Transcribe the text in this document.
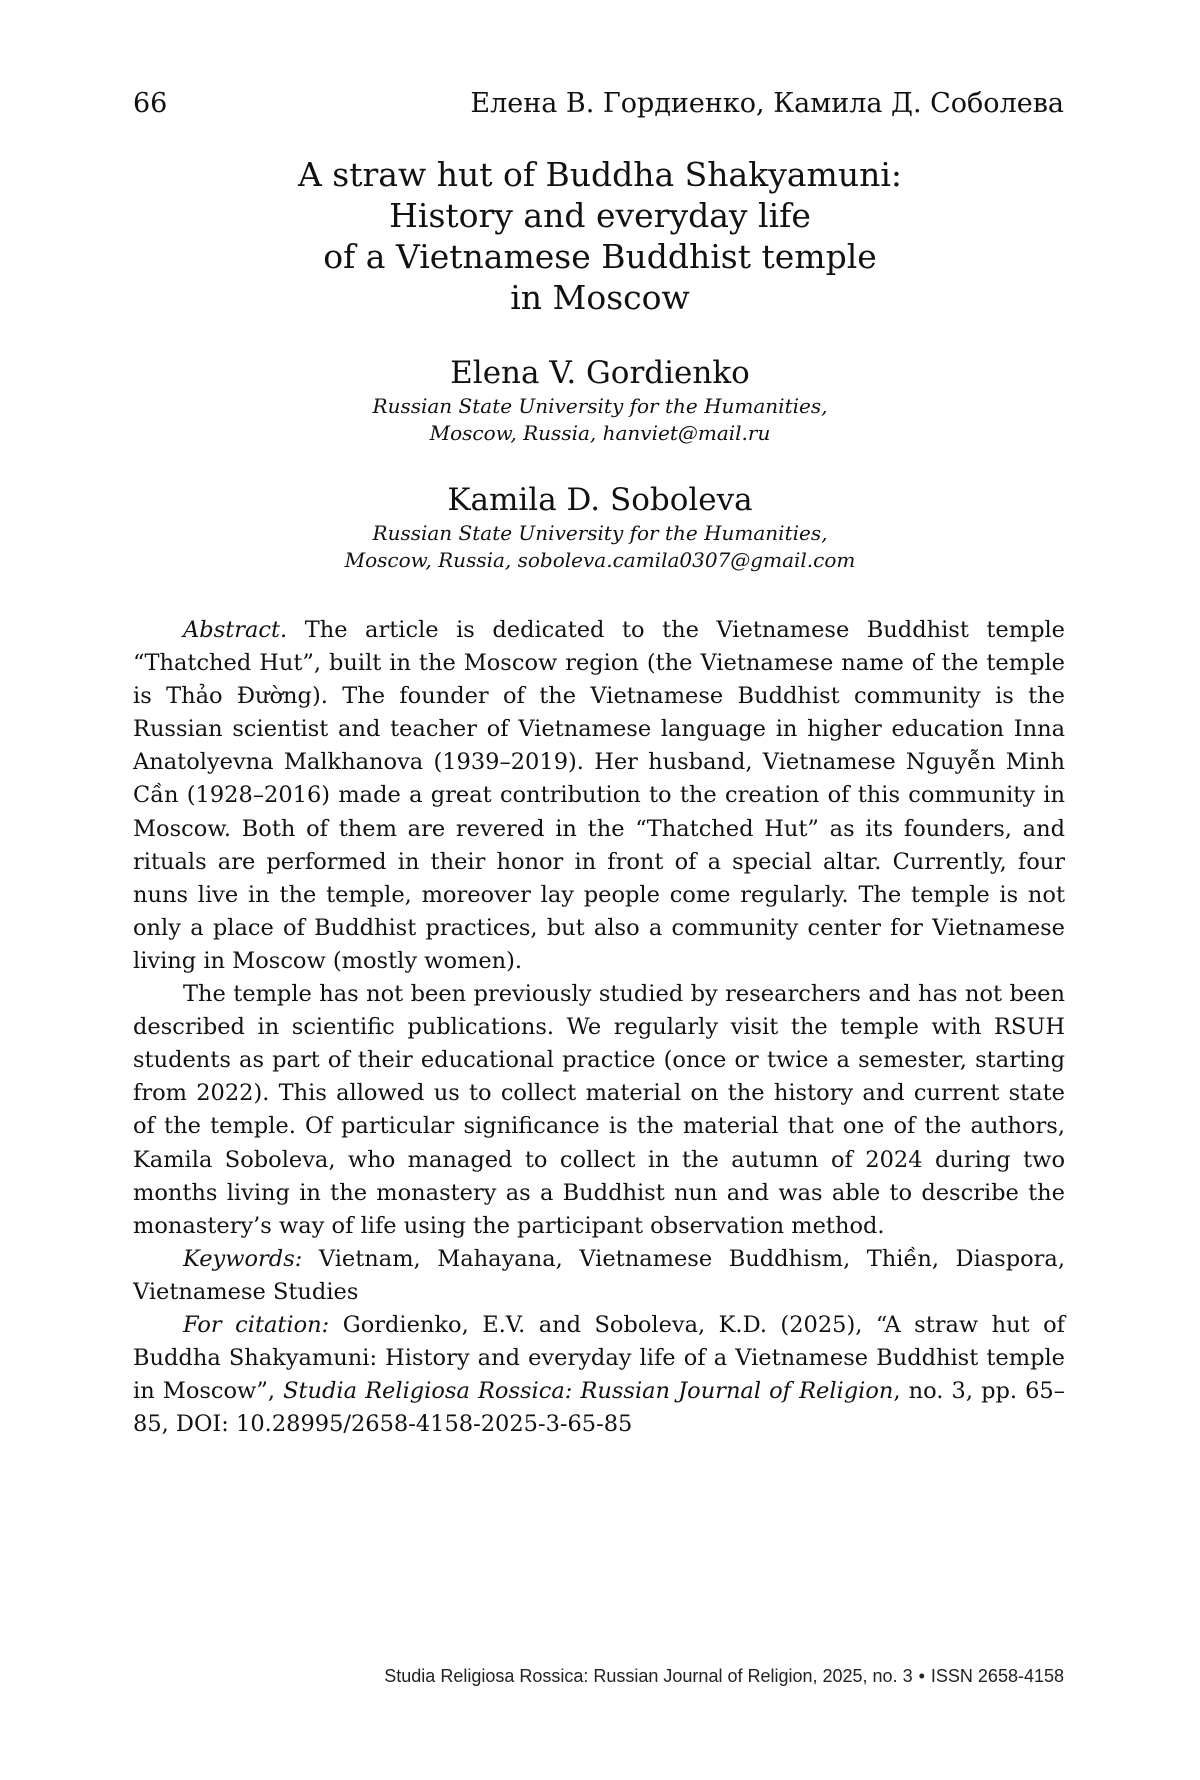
66	Елена В. Гордиенко, Камила Д. Соболева
A straw hut of Buddha Shakyamuni:
History and everyday life
of a Vietnamese Buddhist temple
in Moscow
Elena V. Gordienko
Russian State University for the Humanities,
Moscow, Russia, hanviet@mail.ru
Kamila D. Soboleva
Russian State University for the Humanities,
Moscow, Russia, soboleva.camila0307@gmail.com

Abstract. The article is dedicated to the Vietnamese Buddhist temple “Thatched Hut”, built in the Moscow region (the Vietnamese name of the temple is Thảo Đường). The founder of the Vietnamese Buddhist community is the Russian scientist and teacher of Vietnamese language in higher education Inna Anatolyevna Malkhanova (1939–2019). Her husband, Vietnamese Nguyễn Minh Cần (1928–2016) made a great contribution to the creation of this community in Moscow. Both of them are revered in the “Thatched Hut” as its founders, and rituals are performed in their honor in front of a special altar. Currently, four nuns live in the temple, moreover lay people come regularly. The temple is not only a place of Buddhist practices, but also a community center for Vietnamese living in Moscow (mostly women).

The temple has not been previously studied by researchers and has not been described in scientific publications. We regularly visit the temple with RSUH students as part of their educational practice (once or twice a semester, starting from 2022). This allowed us to collect material on the history and current state of the temple. Of particular significance is the material that one of the authors, Kamila Soboleva, who managed to collect in the autumn of 2024 during two months living in the monastery as a Buddhist nun and was able to describe the monastery’s way of life using the participant observation method.

Keywords: Vietnam, Mahayana, Vietnamese Buddhism, Thiền, Diaspora, Vietnamese Studies

For citation: Gordienko, E.V. and Soboleva, K.D. (2025), “A straw hut of Buddha Shakyamuni: History and everyday life of a Vietnamese Buddhist temple in Moscow”, Studia Religiosa Rossica: Russian Journal of Religion, no. 3, pp. 65–85, DOI: 10.28995/2658-4158-2025-3-65-85

Studia Religiosa Rossica: Russian Journal of Religion, 2025, no. 3 • ISSN 2658-4158
